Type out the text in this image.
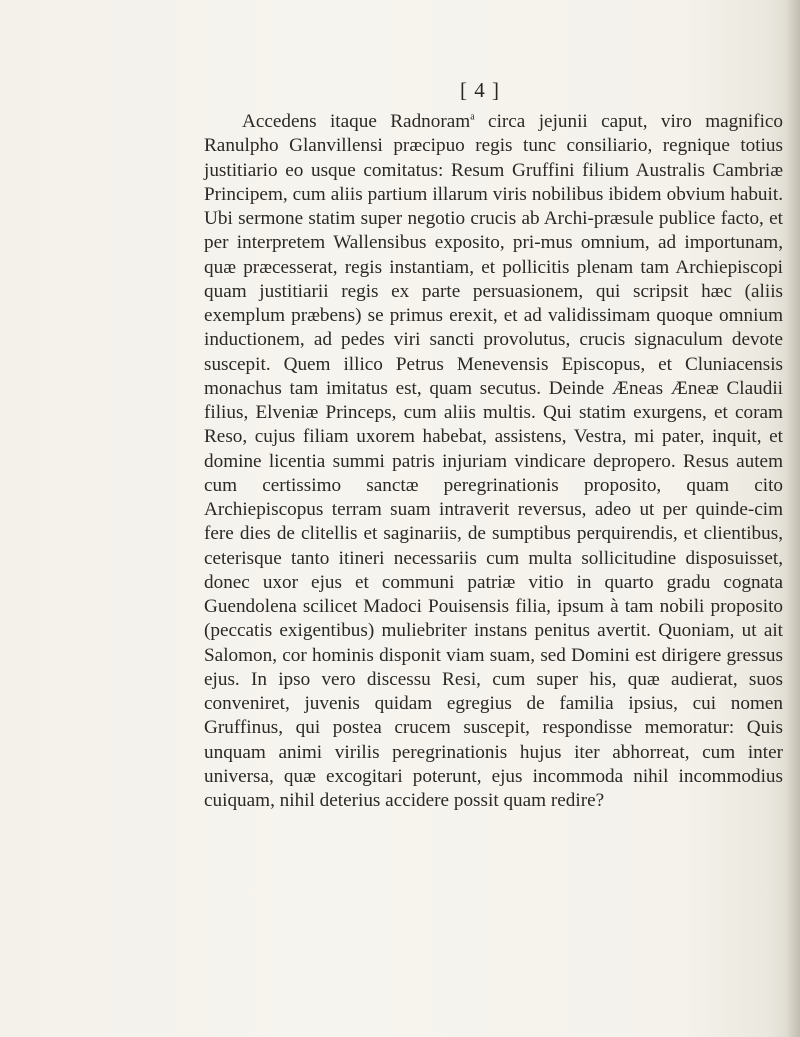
[ 4 ]

Accedens itaque Radnoram$^a$ circa jejunii caput, viro magnifico Ranulpho Glanvillensi præcipuo regis tunc consiliario, regnique totius justitiario eo usque comitatus: Resum Gruffini filium Australis Cambriæ Principem, cum aliis partium illarum viris nobilibus ibidem obvium habuit. Ubi sermone statim super negotio crucis ab Archi-præsule publice facto, et per interpretem Wallensibus exposito, pri-mus omnium, ad importunam, quæ præcesserat, regis instantiam, et pollicitis plenam tam Archiepiscopi quam justitiarii regis ex parte persuasionem, qui scripsit hæc (aliis exemplum præbens) se primus erexit, et ad validissimam quoque omnium inductionem, ad pedes viri sancti provolutus, crucis signaculum devote suscepit. Quem illico Petrus Menevensis Episcopus, et Cluniacensis monachus tam imitatus est, quam secutus. Deinde Æneas Æneæ Claudii filius, Elveniæ Princeps, cum aliis multis. Qui statim exurgens, et coram Reso, cujus filiam uxorem habebat, assistens, Vestra, mi pater, inquit, et domine licentia summi patris injuriam vindicare depropero. Resus autem cum certissimo sanctæ peregrinationis proposito, quam cito Archiepiscopus terram suam intraverit reversus, adeo ut per quinde-cim fere dies de clitellis et saginariis, de sumptibus perquirendis, et clientibus, ceterisque tanto itineri necessariis cum multa sollicitudine disposuisset, donec uxor ejus et communi patriæ vitio in quarto gradu cognata Guendolena scilicet Madoci Pouisensis filia, ipsum à tam nobili proposito (peccatis exigentibus) muliebriter instans penitus avertit. Quoniam, ut ait Salomon, cor hominis disponit viam suam, sed Domini est dirigere gressus ejus. In ipso vero discessu Resi, cum super his, quæ audierat, suos conveniret, juvenis quidam egregius de familia ipsius, cui nomen Gruffinus, qui postea crucem suscepit, respondisse memoratur: Quis unquam animi virilis peregrinationis hujus iter abhorreat, cum inter universa, quæ excogitari poterunt, ejus incommoda nihil incommodius cuiquam, nihil deterius accidere possit quam redire?
